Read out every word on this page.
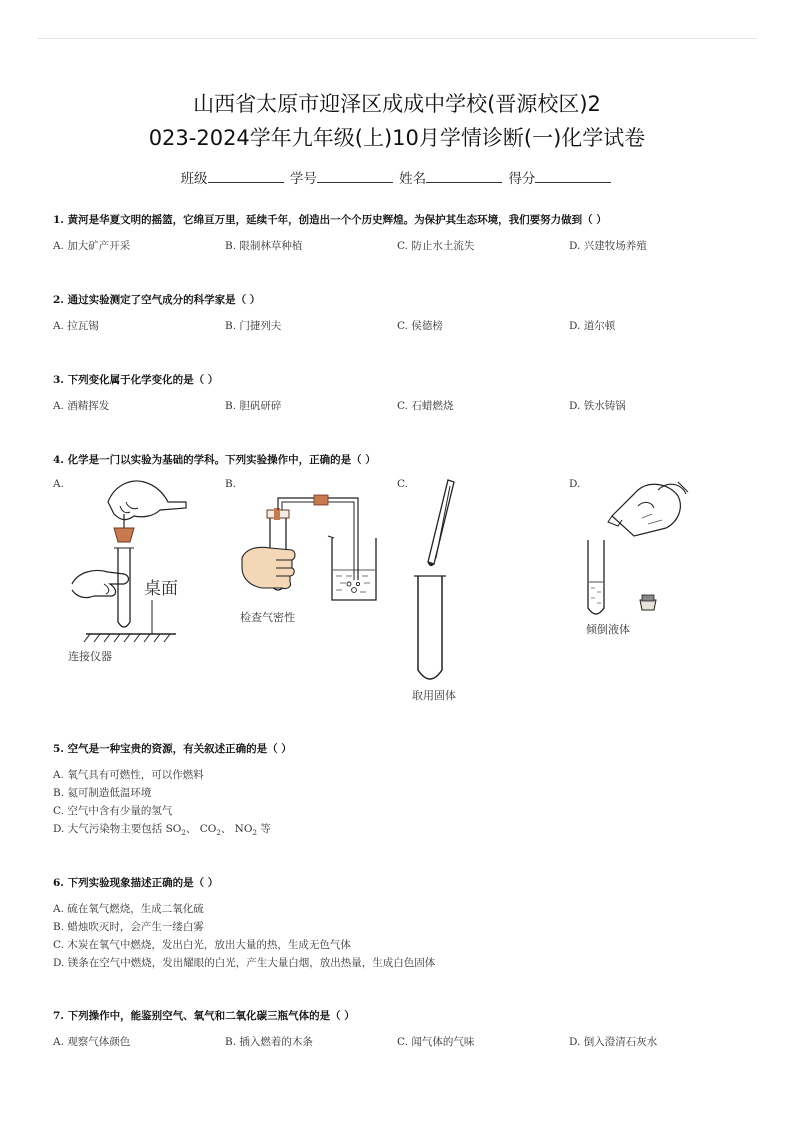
山西省太原市迎泽区成成中学校(晋源校区)2
023-2024学年九年级(上)10月学情诊断(一)化学试卷
班级	学号	姓名	得分
1. 黄河是华夏文明的摇篮，它绵亘万里，延续千年，创造出一个个历史辉煌。为保护其生态环境，我们要努力做到（ ）
A. 加大矿产开采	B. 限制林草种植	C. 防止水土流失	D. 兴建牧场养殖
2. 通过实验测定了空气成分的科学家是（ ）
A. 拉瓦锡	B. 门捷列夫	C. 侯德榜	D. 道尔顿
3. 下列变化属于化学变化的是（ ）
A. 酒精挥发	B. 胆矾研碎	C. 石蜡燃烧	D. 铁水铸锅
4. 化学是一门以实验为基础的学科。下列实验操作中，正确的是（ ）
A.	B.	C.	D.
桌面
连接仪器
检查气密性
取用固体
倾倒液体
5. 空气是一种宝贵的资源，有关叙述正确的是（ ）
A. 氧气具有可燃性，可以作燃料
B. 氦可制造低温环境
C. 空气中含有少量的氢气
D. 大气污染物主要包括 $SO_2$、 $CO_2$、 $NO_2$ 等
6. 下列实验现象描述正确的是（ ）
A. 硫在氧气燃烧，生成二氧化硫
B. 蜡烛吹灭时，会产生一缕白雾
C. 木炭在氧气中燃烧，发出白光，放出大量的热，生成无色气体
D. 镁条在空气中燃烧，发出耀眼的白光，产生大量白烟，放出热量，生成白色固体
7. 下列操作中，能鉴别空气、氧气和二氧化碳三瓶气体的是（ ）
A. 观察气体颜色	B. 插入燃着的木条	C. 闻气体的气味	D. 倒入澄清石灰水
